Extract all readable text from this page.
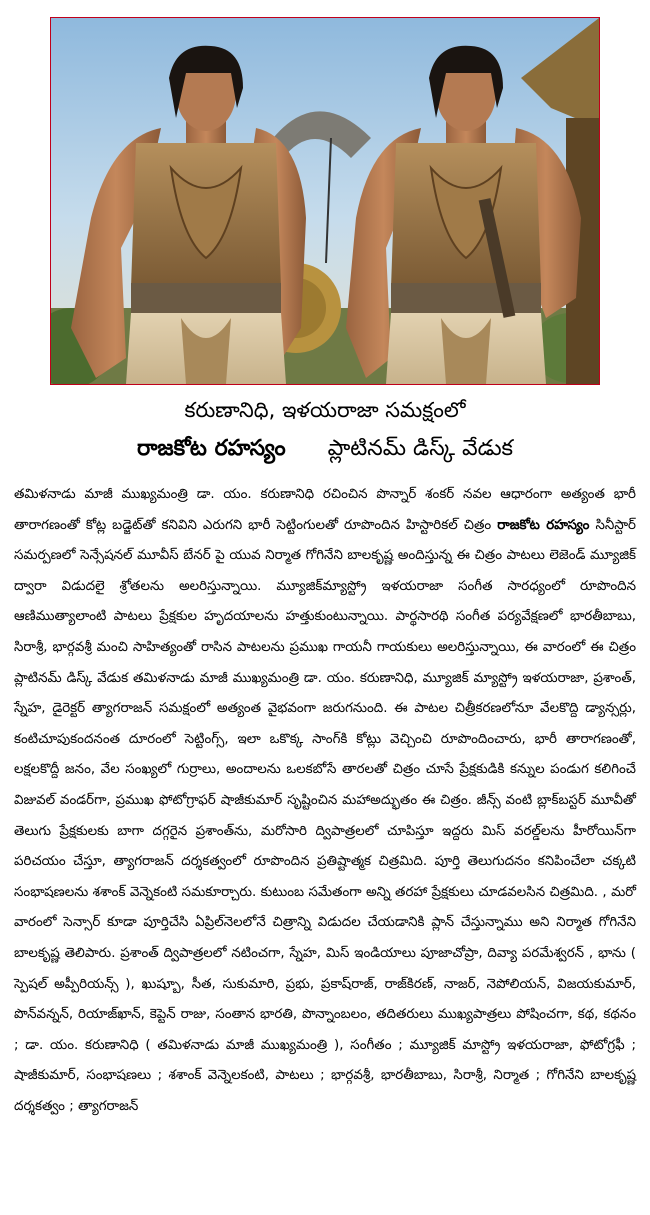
కరుణానిధి, ఇళయరాజా సమక్షంలో
రాజకోట రహస్యం ప్లాటినమ్ డిస్క్ వేడుక

తమిళనాడు మాజీ ముఖ్యమంత్రి డా. యం. కరుణానిధి రచించిన పొన్నార్ శంకర్ నవల ఆధారంగా అత్యంత భారీ తారాగణంతో కోట్ల బడ్జెట్‌తో కనివిని ఎరుగని భారీ సెట్టింగులతో రూపొందిన హిస్టారికల్ చిత్రం రాజకోట రహస్యం సినీస్టార్ సమర్పణలో సెన్సేషనల్ మూవీస్ బేనర్ పై యువ నిర్మాత గోగినేని బాలకృష్ణ అందిస్తున్న ఈ చిత్రం పాటలు లెజెండ్ మ్యూజిక్ ద్వారా విడుదలై శ్రోతలను అలరిస్తున్నాయి. మ్యూజిక్‌మ్యాస్ట్రో ఇళయరాజా సంగీత సారధ్యంలో రూపొందిన ఆణిముత్యాలాంటి పాటలు ప్రేక్షకుల హృదయాలను హత్తుకుంటున్నాయి. పార్థసారథి సంగీత పర్యవేక్షణలో భారతీబాబు, సిరాశ్రీ, భార్గవశ్రీ మంచి సాహిత్యంతో రాసిన పాటలను ప్రముఖ గాయనీ గాయకులు అలరిస్తున్నాయి, ఈ వారంలో ఈ చిత్రం ప్లాటినమ్ డిస్క్ వేడుక తమిళనాడు మాజీ ముఖ్యమంత్రి డా. యం. కరుణానిధి, మ్యూజిక్ మ్యాస్ట్రో ఇళయరాజా, ప్రశాంత్, స్నేహ, డైరెక్టర్ త్యాగరాజన్ సమక్షంలో అత్యంత వైభవంగా జరుగనుంది. ఈ పాటల చిత్రీకరణలోనూ వేలకొద్ది డ్యాన్సర్లు, కంటిచూపుకందనంత దూరంలో సెట్టింగ్స్, ఇలా ఒకొక్క సాంగ్‌కి కోట్లు వెచ్చించి రూపొందించారు, భారీ తారాగణంతో, లక్షలకొద్దీ జనం, వేల సంఖ్యలో గుర్రాలు, అందాలను ఒలకబోసే తారలతో చిత్రం చూసే ప్రేక్షకుడికి కన్నుల పండుగ కలిగించే విజువల్ వండర్‌గా, ప్రముఖ ఫోటోగ్రాఫర్ షాజీకుమార్ సృష్టించిన మహాఅద్భుతం ఈ చిత్రం. జీన్స్ వంటి బ్లాక్‌బస్టర్ మూవీతో తెలుగు ప్రేక్షకులకు బాగా దగ్గరైన ప్రశాంత్‌ను, మరోసారి ద్విపాత్రలలో చూపిస్తూ ఇద్దరు మిస్ వరల్డ్‌లను హీరోయిన్‌గా పరిచయం చేస్తూ, త్యాగరాజన్ దర్శకత్వంలో రూపొందిన ప్రతిష్టాత్మక చిత్రమిది. పూర్తి తెలుగుదనం కనిపించేలా చక్కటి సంభాషణలను శశాంక్ వెన్నెకంటి సమకూర్చారు. కుటుంబ సమేతంగా అన్ని తరహా ప్రేక్షకులు చూడవలసిన చిత్రమిది. , మరో వారంలో సెన్సార్ కూడా పూర్తిచేసి ఏప్రిల్‌నెలలోనే చిత్రాన్ని విడుదల చేయడానికి ప్లాన్ చేస్తున్నాము అని నిర్మాత గోగినేని బాలకృష్ణ తెలిపారు. ప్రశాంత్ ద్విపాత్రలలో నటించగా, స్నేహ, మిస్ ఇండియాలు పూజాచోప్రా, దివ్యా పరమేశ్వరన్ , భాను ( స్పెషల్ అప్పీరియన్స్ ), ఖుష్బూ, సీత, సుకుమారి, ప్రభు, ప్రకాష్‌రాజ్, రాజ్‌కిరణ్, నాజర్, నెపోలియన్, విజయకుమార్, పొన్‌వన్నన్, రియాజ్‌ఖాన్, కెప్టెన్ రాజు, సంతాన భారతి, పొన్నాంబలం, తదితరులు ముఖ్యపాత్రలు పోషించగా, కథ, కథనం ; డా. యం. కరుణానిధి ( తమిళనాడు మాజీ ముఖ్యమంత్రి ), సంగీతం ; మ్యూజిక్ మాస్ట్రో ఇళయరాజా, ఫోటోగ్రఫీ ; షాజీకుమార్, సంభాషణలు ; శశాంక్ వెన్నెలకంటి, పాటలు ; భార్గవశ్రీ, భారతీబాబు, సిరాశ్రీ, నిర్మాత ; గోగినేని బాలకృష్ణ దర్శకత్వం ; త్యాగరాజన్
